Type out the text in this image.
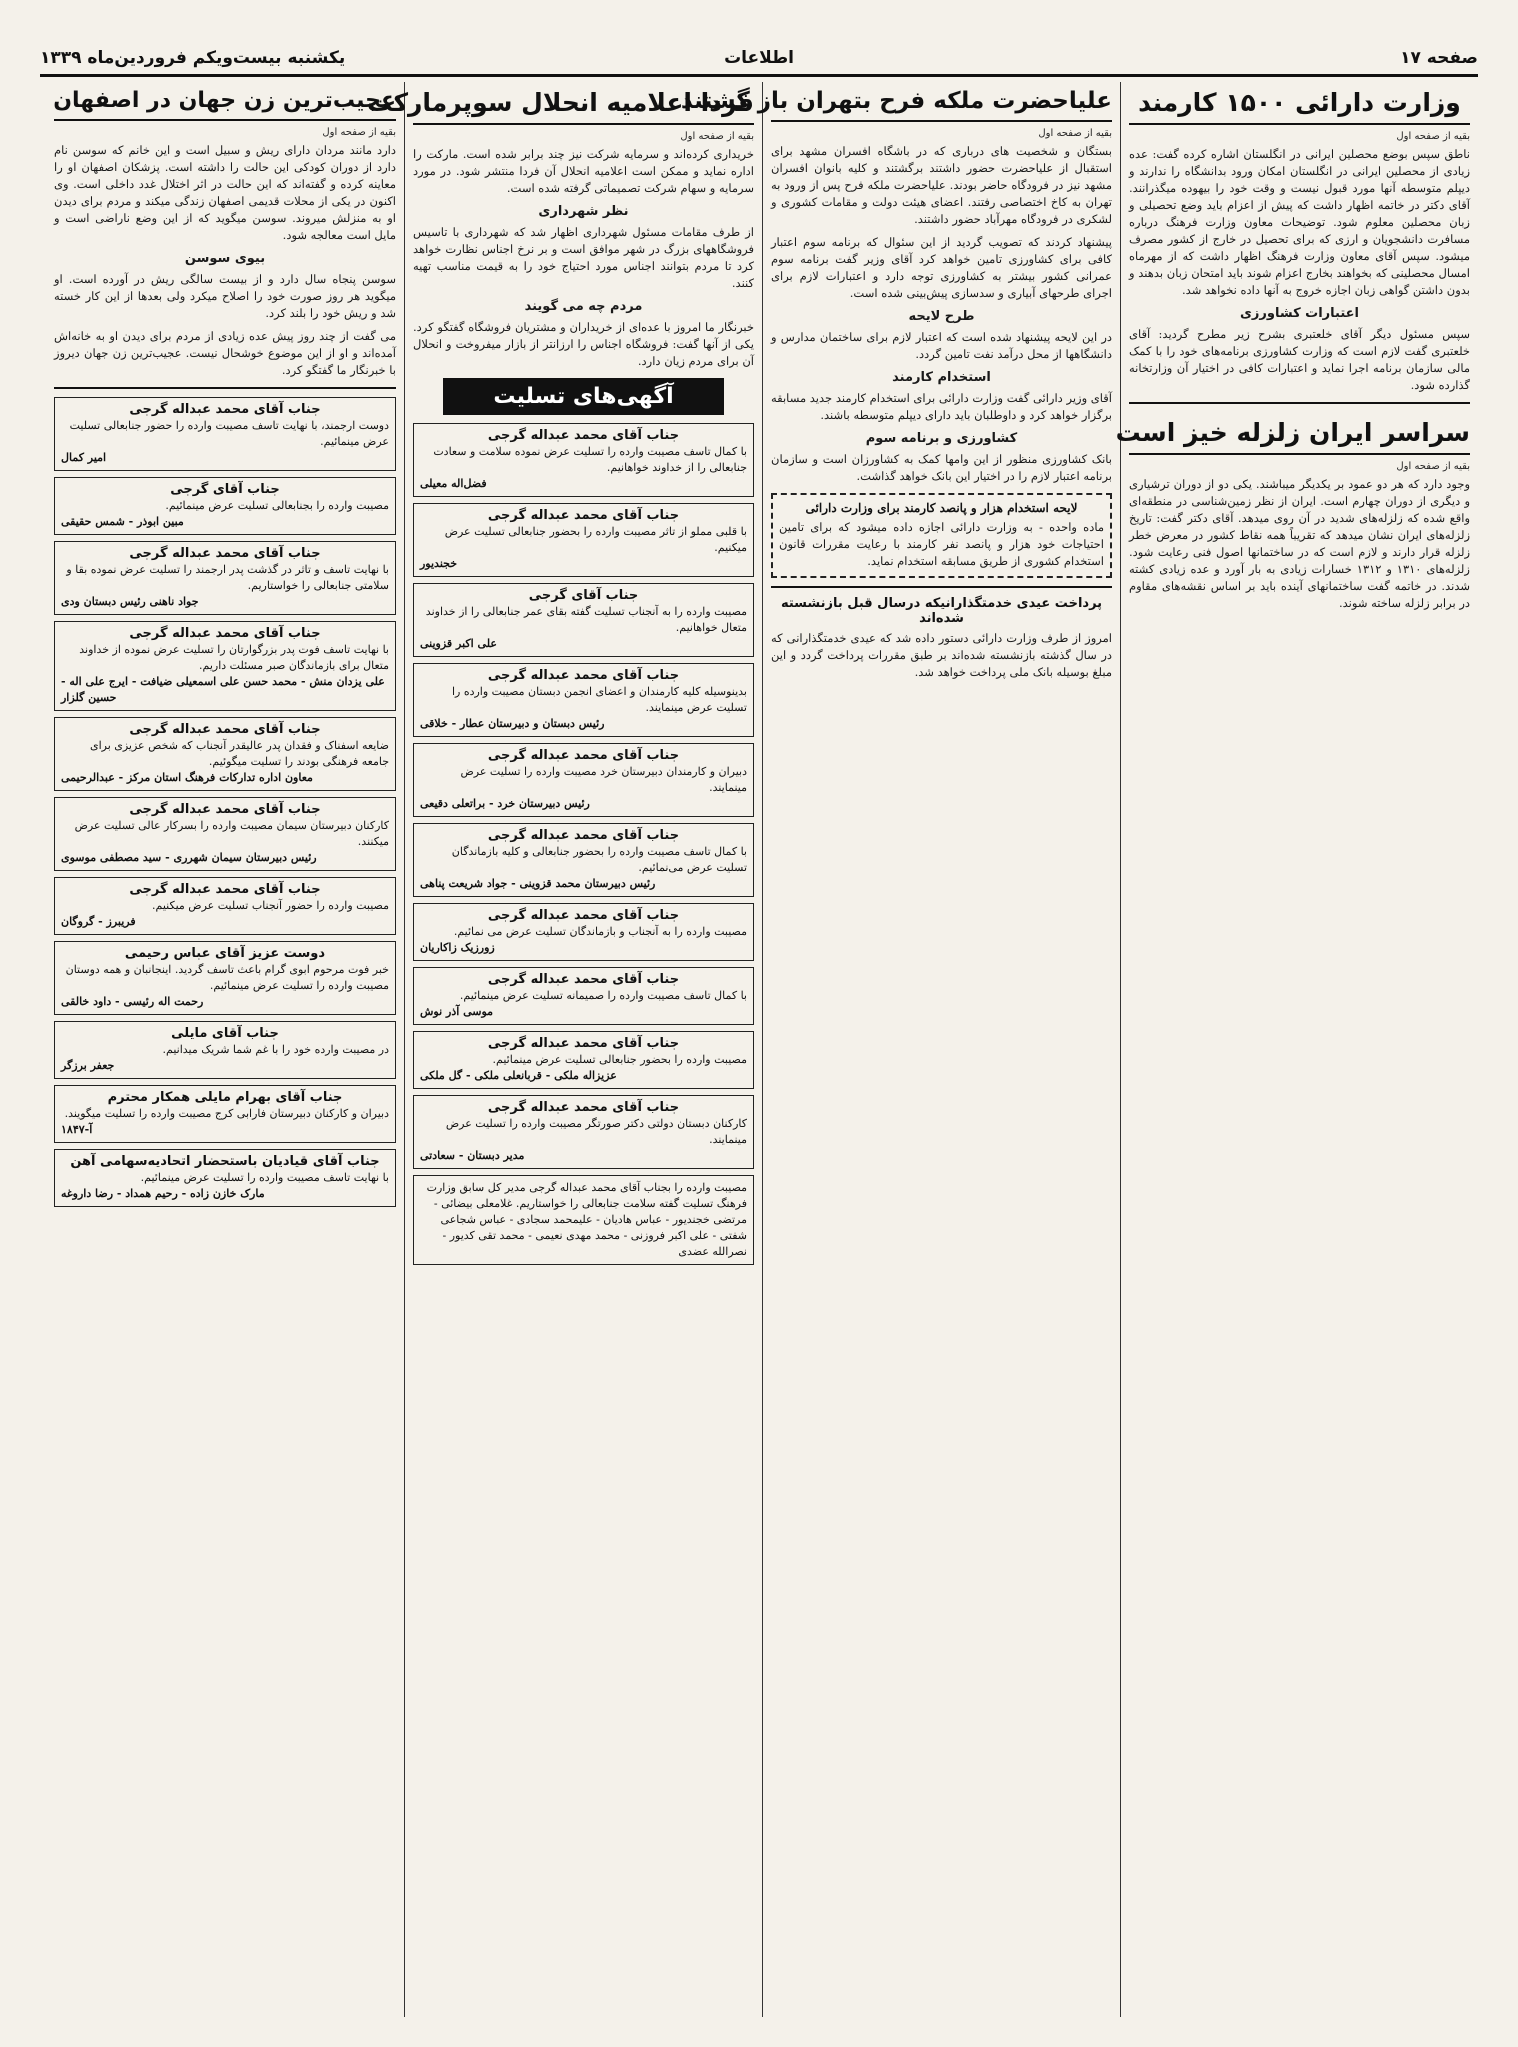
صفحه ۱۷
اطلاعات
یکشنبه بیست‌ویکم فروردین‌ماه ۱۳۳۹
وزارت دارائی ۱۵۰۰ کارمند
بقیه از صفحه اول

ناطق سپس بوضع محصلین ایرانی در انگلستان اشاره کرده گفت: عده زیادی از محصلین ایرانی در انگلستان امکان ورود بدانشگاه را ندارند و دیپلم متوسطه آنها مورد قبول نیست و وقت خود را بیهوده میگذرانند. آقای دکتر در خاتمه اظهار داشت که پیش از اعزام باید وضع تحصیلی و زبان محصلین معلوم شود. توضیحات معاون وزارت فرهنگ درباره مسافرت دانشجویان و ارزی که برای تحصیل در خارج از کشور مصرف میشود. سپس آقای معاون وزارت فرهنگ اظهار داشت که از مهرماه امسال محصلینی که بخواهند بخارج اعزام شوند باید امتحان زبان بدهند و بدون داشتن گواهی زبان اجازه خروج به آنها داده نخواهد شد.

اعتبارات کشاورزی

سپس مسئول دیگر آقای خلعتبری بشرح زیر مطرح گردید: آقای خلعتبری گفت لازم است که وزارت کشاورزی برنامه‌های خود را با کمک مالی سازمان برنامه اجرا نماید و اعتبارات کافی در اختیار آن وزارتخانه گذارده شود.

سراسر ایران زلزله خیز است
بقیه از صفحه اول

وجود دارد که هر دو عمود بر یکدیگر میباشند. یکی دو از دوران ترشیاری و دیگری از دوران چهارم است. ایران از نظر زمین‌شناسی در منطقه‌ای واقع شده که زلزله‌های شدید در آن روی میدهد. آقای دکتر گفت: تاریخ زلزله‌های ایران نشان میدهد که تقریباً همه نقاط کشور در معرض خطر زلزله قرار دارند و لازم است که در ساختمانها اصول فنی رعایت شود. زلزله‌های ۱۳۱۰ و ۱۳۱۲ خسارات زیادی به بار آورد و عده زیادی کشته شدند. در خاتمه گفت ساختمانهای آینده باید بر اساس نقشه‌های مقاوم در برابر زلزله ساخته شوند.

علیاحضرت ملکه فرح بتهران باز گشتند
بقیه از صفحه اول

بستگان و شخصیت های درباری که در باشگاه افسران مشهد برای استقبال از علیاحضرت حضور داشتند برگشتند و کلیه بانوان افسران مشهد نیز در فرودگاه حاضر بودند. علیاحضرت ملکه فرح پس از ورود به تهران به کاخ اختصاصی رفتند. اعضای هیئت دولت و مقامات کشوری و لشکری در فرودگاه مهرآباد حضور داشتند.

پیشنهاد کردند که تصویب گردید از این سئوال که برنامه سوم اعتبار کافی برای کشاورزی تامین خواهد کرد آقای وزیر گفت برنامه سوم عمرانی کشور بیشتر به کشاورزی توجه دارد و اعتبارات لازم برای اجرای طرحهای آبیاری و سدسازی پیش‌بینی شده است.

طرح لایحه

در این لایحه پیشنهاد شده است که اعتبار لازم برای ساختمان مدارس و دانشگاهها از محل درآمد نفت تامین گردد.

استخدام کارمند

آقای وزیر دارائی گفت وزارت دارائی برای استخدام کارمند جدید مسابقه برگزار خواهد کرد و داوطلبان باید دارای دیپلم متوسطه باشند.

کشاورزی و برنامه سوم

بانک کشاورزی منظور از این وامها کمک به کشاورزان است و سازمان برنامه اعتبار لازم را در اختیار این بانک خواهد گذاشت.

لایحه استخدام هزار و پانصد کارمند برای وزارت دارائی
ماده واحده - به وزارت دارائی اجازه داده میشود که برای تامین احتیاجات خود هزار و پانصد نفر کارمند با رعایت مقررات قانون استخدام کشوری از طریق مسابقه استخدام نماید.
پرداخت عیدی خدمتگذارانیکه درسال قبل بازنشسته شده‌اند

امروز از طرف وزارت دارائی دستور داده شد که عیدی خدمتگذارانی که در سال گذشته بازنشسته شده‌اند بر طبق مقررات پرداخت گردد و این مبلغ بوسیله بانک ملی پرداخت خواهد شد.

فردا اعلامیه انحلال سوپرمارکت
بقیه از صفحه اول

خریداری کرده‌اند و سرمایه شرکت نیز چند برابر شده است. مارکت را اداره نماید و ممکن است اعلامیه انحلال آن فردا منتشر شود. در مورد سرمایه و سهام شرکت تصمیماتی گرفته شده است.

نظر شهرداری

از طرف مقامات مسئول شهرداری اظهار شد که شهرداری با تاسیس فروشگاههای بزرگ در شهر موافق است و بر نرخ اجناس نظارت خواهد کرد تا مردم بتوانند اجناس مورد احتیاج خود را به قیمت مناسب تهیه کنند.

مردم چه می گویند

خبرنگار ما امروز با عده‌ای از خریداران و مشتریان فروشگاه گفتگو کرد. یکی از آنها گفت: فروشگاه اجناس را ارزانتر از بازار میفروخت و انحلال آن برای مردم زیان دارد.

آگهی‌های تسلیت
جناب آقای محمد عبداله گرجی
با کمال تاسف مصیبت وارده را تسلیت عرض نموده سلامت و سعادت جنابعالی را از خداوند خواهانیم.
فضل‌اله معیلی
جناب آقای محمد عبداله گرجی
با قلبی مملو از تاثر مصیبت وارده را بحضور جنابعالی تسلیت عرض میکنیم.
خجندیور
جناب آقای گرجی
مصیبت وارده را به آنجناب تسلیت گفته بقای عمر جنابعالی را از خداوند متعال خواهانیم.
علی اکبر قزوینی
جناب آقای محمد عبداله گرجی
بدینوسیله کلیه کارمندان و اعضای انجمن دبستان مصیبت وارده را تسلیت عرض مینمایند.
رئیس دبستان و دبیرستان عطار - خلاقی
جناب آقای محمد عبداله گرجی
دبیران و کارمندان دبیرستان خرد مصیبت وارده را تسلیت عرض مینمایند.
رئیس دبیرستان خرد - براتعلی دقیعی
جناب آقای محمد عبداله گرجی
با کمال تاسف مصیبت وارده را بحضور جنابعالی و کلیه بازماندگان تسلیت عرض می‌نمائیم.
رئیس دبیرستان محمد قزوینی - جواد شریعت پناهی
جناب آقای محمد عبداله گرجی
مصیبت وارده را به آنجناب و بازماندگان تسلیت عرض می نمائیم.
زورزیک زاکاریان
جناب آقای محمد عبداله گرجی
با کمال تاسف مصیبت وارده را صمیمانه تسلیت عرض مینمائیم.
موسی آذر نوش
جناب آقای محمد عبداله گرجی
مصیبت وارده را بحضور جنابعالی تسلیت عرض مینمائیم.
عزیزاله ملکی - قربانعلی ملکی - گل ملکی
جناب آقای محمد عبداله گرجی
کارکنان دبستان دولتی دکتر صورتگر مصیبت وارده را تسلیت عرض مینمایند.
مدیر دبستان - سعادتی
مصیبت وارده را بجناب آقای محمد عبداله گرجی مدیر کل سابق وزارت فرهنگ تسلیت گفته سلامت جنابعالی را خواستاریم. غلامعلی بیضائی - مرتضی خجندیور - عباس هادیان - علیمحمد سجادی - عباس شجاعی شفتی - علی اکبر فروزنی - محمد مهدی نعیمی - محمد تقی کدیور - نصرالله عضدی
عجیب‌ترین زن جهان در اصفهان
بقیه از صفحه اول

دارد مانند مردان دارای ریش و سبیل است و این خانم که سوسن نام دارد از دوران کودکی این حالت را داشته است. پزشکان اصفهان او را معاینه کرده و گفته‌اند که این حالت در اثر اختلال غدد داخلی است. وی اکنون در یکی از محلات قدیمی اصفهان زندگی میکند و مردم برای دیدن او به منزلش میروند. سوسن میگوید که از این وضع ناراضی است و مایل است معالجه شود.

بیوی سوسن

سوسن پنجاه سال دارد و از بیست سالگی ریش در آورده است. او میگوید هر روز صورت خود را اصلاح میکرد ولی بعدها از این کار خسته شد و ریش خود را بلند کرد.

می گفت از چند روز پیش عده زیادی از مردم برای دیدن او به خانه‌اش آمده‌اند و او از این موضوع خوشحال نیست. عجیب‌ترین زن جهان دیروز با خبرنگار ما گفتگو کرد.

جناب آقای محمد عبداله گرجی
دوست ارجمند، با نهایت تاسف مصیبت وارده را حضور جنابعالی تسلیت عرض مینمائیم.
امیر کمال
جناب آقای گرجی
مصیبت وارده را بجنابعالی تسلیت عرض مینمائیم.
مبین ابوذر - شمس حقیقی
جناب آقای محمد عبداله گرجی
با نهایت تاسف و تاثر در گذشت پدر ارجمند را تسلیت عرض نموده بقا و سلامتی جنابعالی را خواستاریم.
جواد ناهنی رئیس دبستان ودی
جناب آقای محمد عبداله گرجی
با نهایت تاسف فوت پدر بزرگوارتان را تسلیت عرض نموده از خداوند متعال برای بازماندگان صبر مسئلت داریم.
علی یزدان منش - محمد حسن علی اسمعیلی ضیافت - ایرج علی اله - حسین گلزار
جناب آقای محمد عبداله گرجی
ضایعه اسفناک و فقدان پدر عالیقدر آنجناب که شخص عزیزی برای جامعه فرهنگی بودند را تسلیت میگوئیم.
معاون اداره تدارکات فرهنگ استان مرکز - عبدالرحیمی
جناب آقای محمد عبداله گرجی
کارکنان دبیرستان سیمان مصیبت وارده را بسرکار عالی تسلیت عرض میکنند.
رئیس دبیرستان سیمان شهرری - سید مصطفی موسوی
جناب آقای محمد عبداله گرجی
مصیبت وارده را حضور آنجناب تسلیت عرض میکنیم.
فریبرز - گروگان
دوست عزیز آقای عباس رحیمی
خبر فوت مرحوم ابوی گرام باعث تاسف گردید. اینجانبان و همه دوستان مصیبت وارده را تسلیت عرض مینمائیم.
رحمت اله رئیسی - داود خالقی
جناب آقای مایلی
در مصیبت وارده خود را با غم شما شریک میدانیم.
جعفر برزگر
جناب آقای بهرام مایلی همکار محترم
دبیران و کارکنان دبیرستان فارابی کرج مصیبت وارده را تسلیت میگویند.
آ-۱۸۴۷
جناب آقای قیادیان باستحضار اتحادیه‌سهامی آهن
با نهایت تاسف مصیبت وارده را تسلیت عرض مینمائیم.
مارک خازن زاده - رحیم همداد - رضا داروغه
